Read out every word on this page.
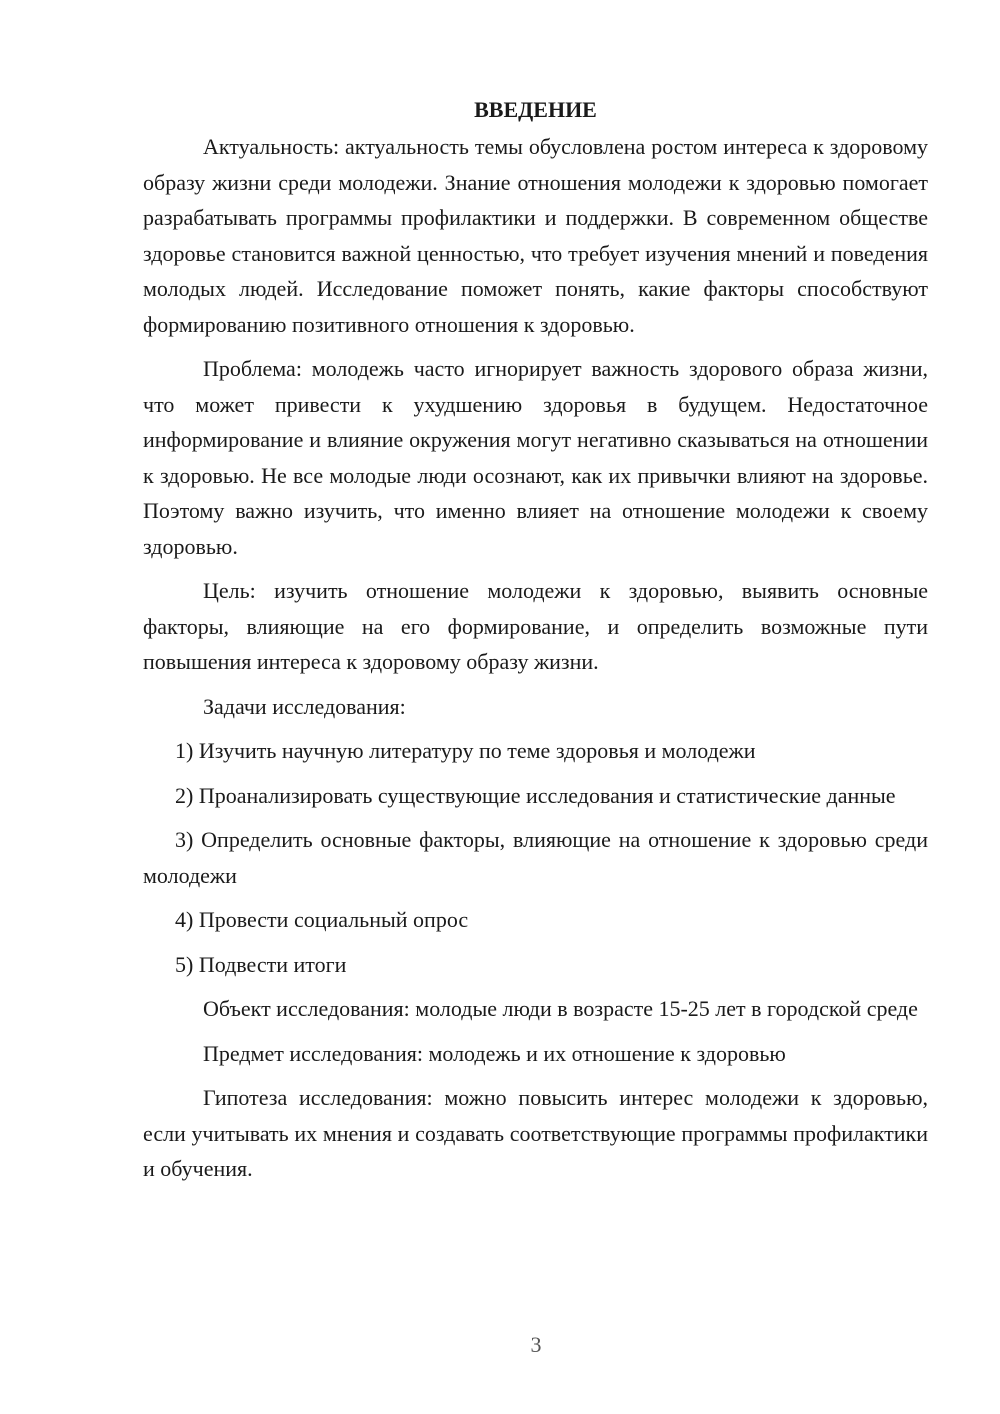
ВВЕДЕНИЕ

Актуальность: актуальность темы обусловлена ростом интереса к здоровому образу жизни среди молодежи. Знание отношения молодежи к здоровью помогает разрабатывать программы профилактики и поддержки. В современном обществе здоровье становится важной ценностью, что требует изучения мнений и поведения молодых людей. Исследование поможет понять, какие факторы способствуют формированию позитивного отношения к здоровью.

Проблема: молодежь часто игнорирует важность здорового образа жизни, что может привести к ухудшению здоровья в будущем. Недостаточное информирование и влияние окружения могут негативно сказываться на отношении к здоровью. Не все молодые люди осознают, как их привычки влияют на здоровье. Поэтому важно изучить, что именно влияет на отношение молодежи к своему здоровью.

Цель: изучить отношение молодежи к здоровью, выявить основные факторы, влияющие на его формирование, и определить возможные пути повышения интереса к здоровому образу жизни.

Задачи исследования:

1) Изучить научную литературу по теме здоровья и молодежи

2) Проанализировать существующие исследования и статистические данные

3) Определить основные факторы, влияющие на отношение к здоровью среди молодежи

4) Провести социальный опрос

5) Подвести итоги

Объект исследования: молодые люди в возрасте 15-25 лет в городской среде

Предмет исследования: молодежь и их отношение к здоровью

Гипотеза исследования: можно повысить интерес молодежи к здоровью, если учитывать их мнения и создавать соответствующие программы профилактики и обучения.

3
